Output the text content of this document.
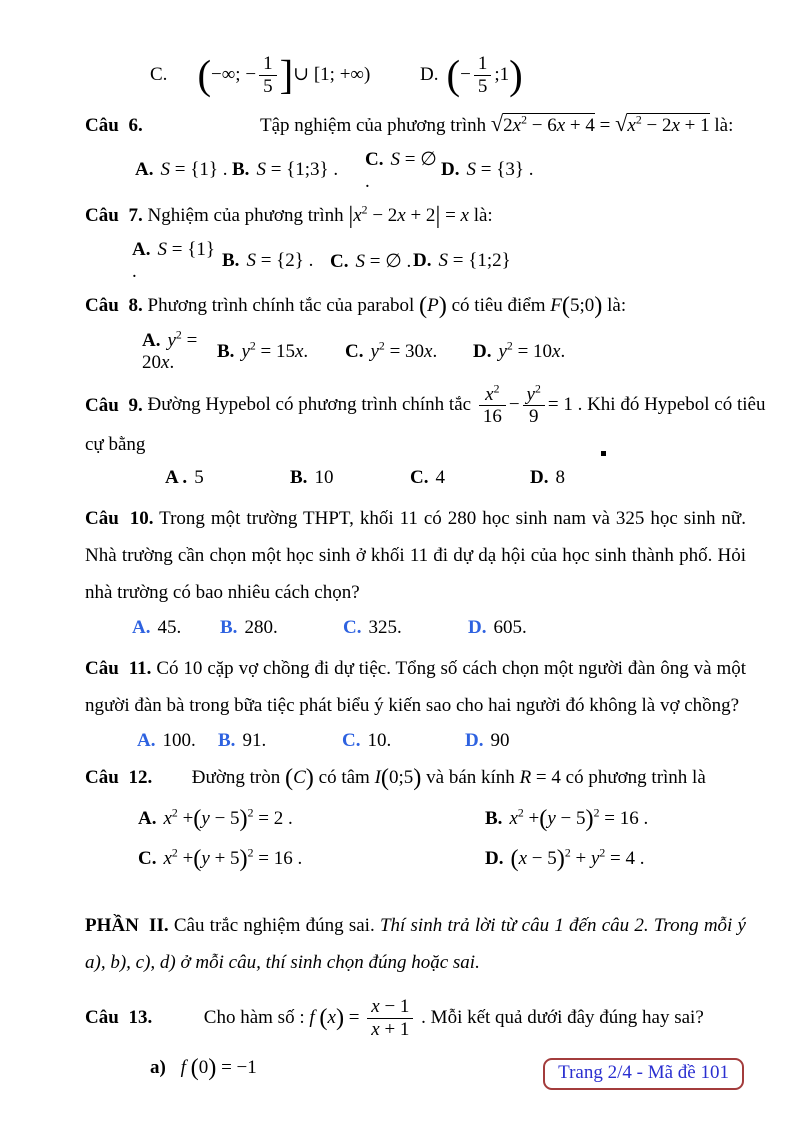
C. (−∞; − $\frac{1}{5}$ ]∪ [1; +∞)	D. (− $\frac{1}{5}$ ;1)
Câu 6.	Tập nghiệm của phương trình $√2x^2 - 6x + 4 = √x^2 - 2x + 1$ là:
A. S = {1} . B. S = {1;3} .	C. S = ∅ .
D. S = {3} .
Câu 7. Nghiệm của phương trình $|x^2 - 2x + 2| = x$ là:
A. S = {1} .
B. S = {2} . C. S = ∅ . D. S = {1;2}
Câu 8. Phương trình chính tắc của parabol (P) có tiêu điểm F(5;0) là:
A. $y^2 = 20x$.
B. $y^2 = 15x$.	C. $y^2 = 30x$.	D. $y^2 = 10x$.
Câu 9. Đường Hypebol có phương trình chính tắc $\frac{x^2}{16} - \frac{y^2}{9} = 1$ . Khi đó Hypebol có tiêu
cự bằng
A . 5	B. 10	C. 4	D. 8
Câu 10. Trong một trường THPT, khối 11 có 280 học sinh nam và 325 học sinh nữ. Nhà trường cần chọn một học sinh ở khối 11 đi dự dạ hội của học sinh thành phố. Hỏi nhà trường có bao nhiêu cách chọn?
A. 45.	B. 280.	C. 325.	D. 605.
Câu 11. Có 10 cặp vợ chồng đi dự tiệc. Tổng số cách chọn một người đàn ông và một người đàn bà trong bữa tiệc phát biểu ý kiến sao cho hai người đó không là vợ chồng?
A. 100.	B. 91.	C. 10.	D. 90
Câu 12. Đường tròn (C) có tâm I(0;5) và bán kính R = 4 có phương trình là
A. $x^2 +(y - 5)^2 = 2$ .	B. $x^2 +(y - 5)^2 = 16$ .
C. $x^2 +(y + 5)^2 = 16$ .	D. $(x - 5)^2 + y^2 = 4$ .
PHẦN II. Câu trắc nghiệm đúng sai. Thí sinh trả lời từ câu 1 đến câu 2. Trong mỗi ý a), b), c), d) ở mỗi câu, thí sinh chọn đúng hoặc sai.
Câu 13.	Cho hàm số : f $(x) = \frac{x - 1}{x + 1}$ . Mỗi kết quả dưới đây đúng hay sai?
a) f (0) = −1	Trang 2/4 - Mã đề 101
